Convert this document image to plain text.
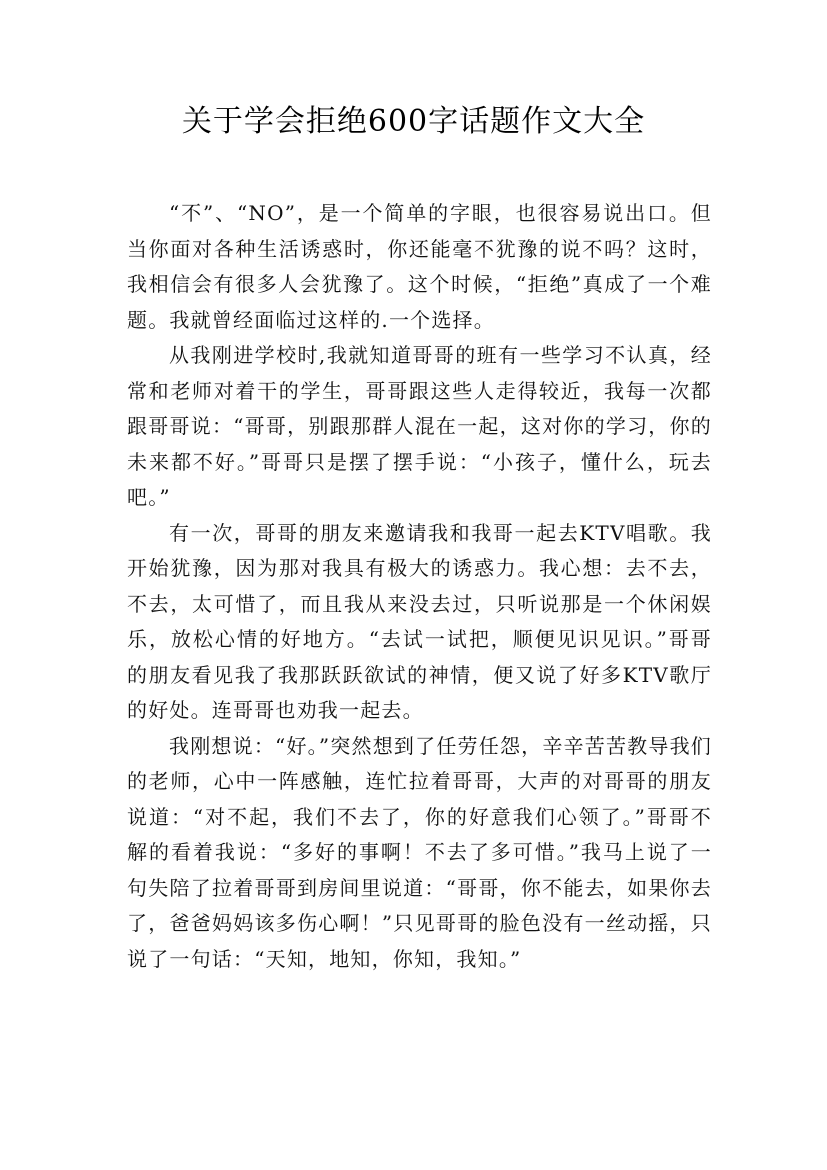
关于学会拒绝600字话题作文大全

“不”、“NO”，是一个简单的字眼，也很容易说出口。但当你面对各种生活诱惑时，你还能毫不犹豫的说不吗？这时，我相信会有很多人会犹豫了。这个时候，“拒绝”真成了一个难题。我就曾经面临过这样的.一个选择。

从我刚进学校时,我就知道哥哥的班有一些学习不认真，经常和老师对着干的学生，哥哥跟这些人走得较近，我每一次都跟哥哥说：“哥哥，别跟那群人混在一起，这对你的学习，你的未来都不好。”哥哥只是摆了摆手说：“小孩子，懂什么，玩去吧。”

有一次，哥哥的朋友来邀请我和我哥一起去KTV唱歌。我开始犹豫，因为那对我具有极大的诱惑力。我心想：去不去，不去，太可惜了，而且我从来没去过，只听说那是一个休闲娱乐，放松心情的好地方。“去试一试把，顺便见识见识。”哥哥的朋友看见我了我那跃跃欲试的神情，便又说了好多KTV歌厅的好处。连哥哥也劝我一起去。

我刚想说：“好。”突然想到了任劳任怨，辛辛苦苦教导我们的老师，心中一阵感触，连忙拉着哥哥，大声的对哥哥的朋友说道：“对不起，我们不去了，你的好意我们心领了。”哥哥不解的看着我说：“多好的事啊！不去了多可惜。”我马上说了一句失陪了拉着哥哥到房间里说道：“哥哥，你不能去，如果你去了，爸爸妈妈该多伤心啊！”只见哥哥的脸色没有一丝动摇，只说了一句话：“天知，地知，你知，我知。”
